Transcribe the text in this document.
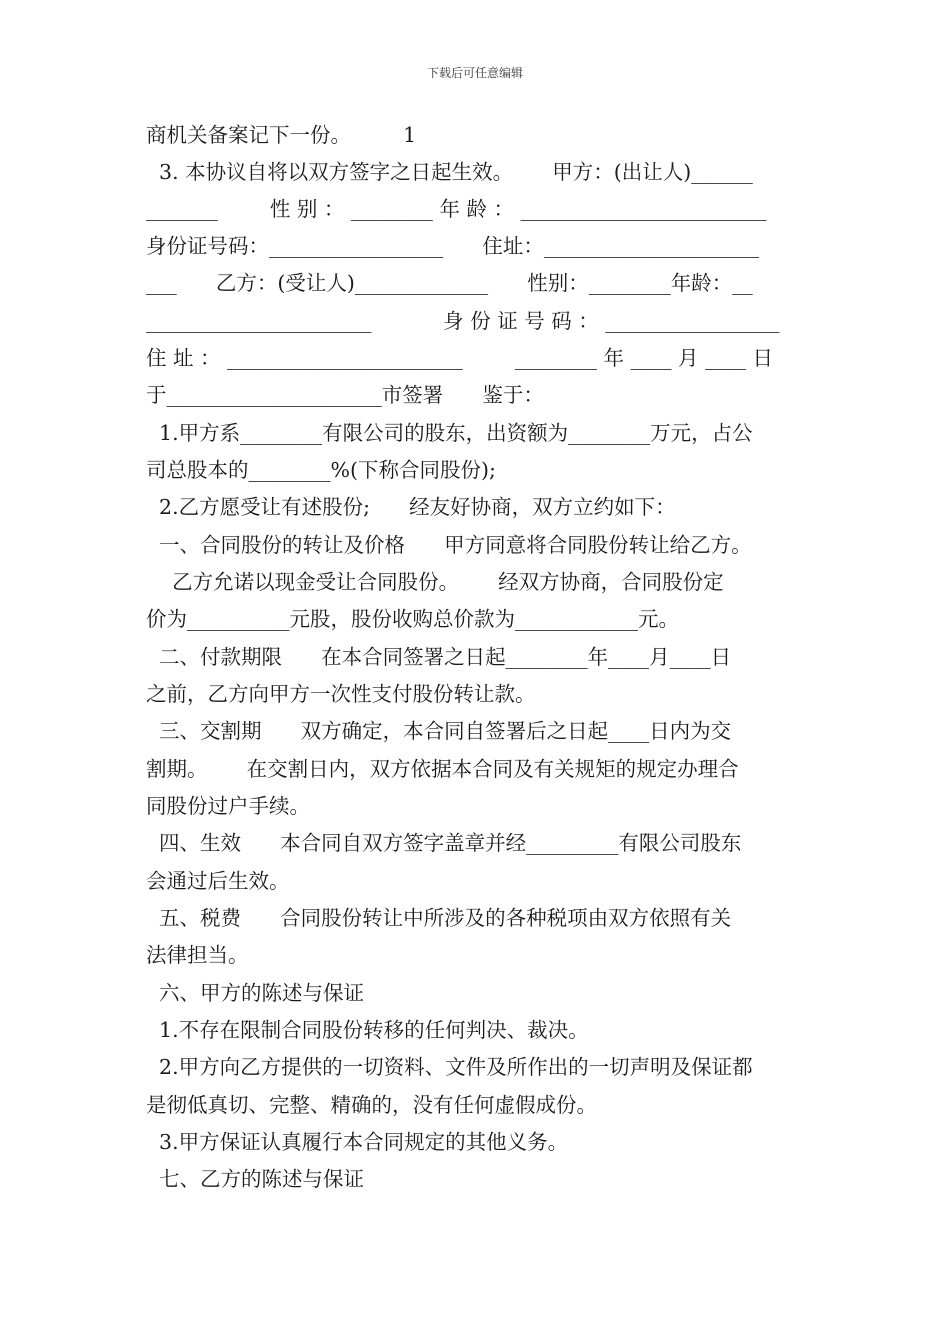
下载后可任意编辑
商机关备案记下一份。        1
3. 本协议自将以双方签字之日起生效。      甲方：(出让人)______
_______        性 别 ： ________ 年 龄 ： ________________________
身份证号码：_________________      住址：_____________________
___      乙方：(受让人)_____________      性别：________年龄：__
______________________           身 份 证 号 码 ： _________________
住 址 ： _______________________        ________ 年 ____ 月 ____ 日
于_____________________市签署      鉴于：
1.甲方系________有限公司的股东，出资额为________万元，占公
司总股本的________%(下称合同股份);
2.乙方愿受让有述股份;      经友好协商，双方立约如下：
一、合同股份的转让及价格      甲方同意将合同股份转让给乙方。
乙方允诺以现金受让合同股份。      经双方协商，合同股份定
价为__________元股，股份收购总价款为____________元。
二、付款期限      在本合同签署之日起________年____月____日
之前，乙方向甲方一次性支付股份转让款。
三、交割期      双方确定，本合同自签署后之日起____日内为交
割期。      在交割日内，双方依据本合同及有关规矩的规定办理合
同股份过户手续。
四、生效      本合同自双方签字盖章并经_________有限公司股东
会通过后生效。
五、税费      合同股份转让中所涉及的各种税项由双方依照有关
法律担当。
六、甲方的陈述与保证
1.不存在限制合同股份转移的任何判决、裁决。
2.甲方向乙方提供的一切资料、文件及所作出的一切声明及保证都
是彻低真切、完整、精确的，没有任何虚假成份。
3.甲方保证认真履行本合同规定的其他义务。
七、乙方的陈述与保证
